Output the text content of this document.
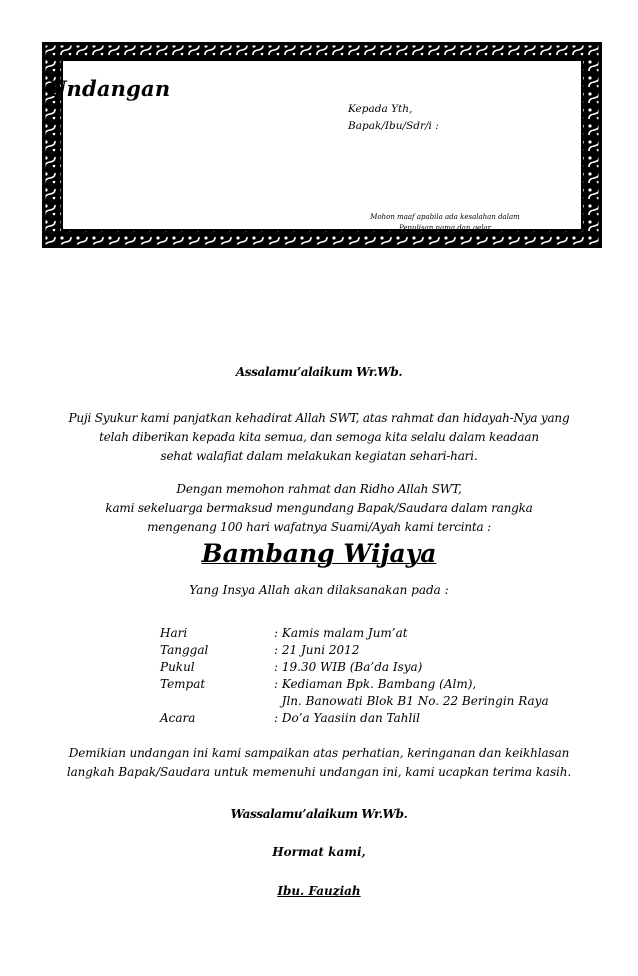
Undangan
Kepada Yth,
Bapak/Ibu/Sdr/i :
Mohon maaf apabila ada kesalahan dalam
Penulisan nama dan gelar
Assalamu’alaikum Wr.Wb.
Puji Syukur kami panjatkan kehadirat Allah SWT, atas rahmat dan hidayah-Nya yang
telah diberikan kepada kita semua, dan semoga kita selalu dalam keadaan
sehat walafiat dalam melakukan kegiatan sehari-hari.
Dengan memohon rahmat dan Ridho Allah SWT,
kami sekeluarga bermaksud mengundang Bapak/Saudara dalam rangka
mengenang 100 hari wafatnya Suami/Ayah kami tercinta :
Bambang Wijaya
Yang Insya Allah akan dilaksanakan pada :
Hari	: Kamis malam Jum’at
Tanggal	: 21 Juni 2012
Pukul	: 19.30 WIB (Ba’da Isya)
Tempat	: Kediaman Bpk. Bambang (Alm),
Jln. Banowati Blok B1 No. 22 Beringin Raya
Acara	: Do’a Yaasiin dan Tahlil
Demikian undangan ini kami sampaikan atas perhatian, keringanan dan keikhlasan
langkah Bapak/Saudara untuk memenuhi undangan ini, kami ucapkan terima kasih.
Wassalamu’alaikum Wr.Wb.
Hormat kami,
Ibu. Fauziah
